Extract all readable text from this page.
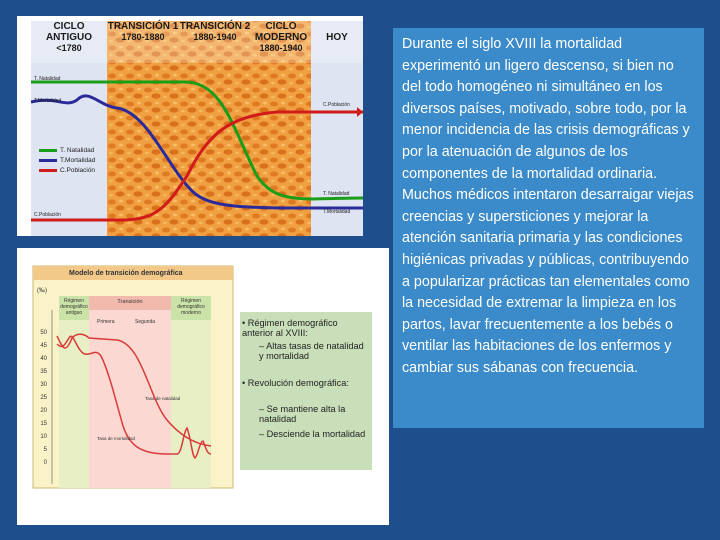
CICLO ANTIGUO
<1780
TRANSICIÓN 1
1780-1880
TRANSICIÓN 2
1880-1940
CICLO MODERNO
1880-1940
HOY
T. Natalidad
T.Mortalidad
C.Población
C.Población
T. Natalidad
T.Mortalidad
T. Natalidad
T.Mortalidad
C.Población
Modelo de transición demográfica
(‰)
50
45
40
35
30
25
20
15
10
5
0
Régimen demográfico antiguo
Transición	Régimen demográfico moderno
Primera	Segunda
Tasa de natalidad
Tasa de mortalidad
• Régimen demográfico anterior al XVIII:
– Altas tasas de natalidad y mortalidad
• Revolución demográfica:
– Se mantiene alta la natalidad
– Desciende la mortalidad
Durante el siglo XVIII la mortalidad experimentó un ligero descenso, si bien no del todo homogéneo ni simultáneo en los diversos países, motivado, sobre todo, por la menor incidencia de las crisis demográficas y por la atenuación de algunos de los componentes de la mortalidad ordinaria. Muchos médicos intentaron desarraigar viejas creencias y supersticiones y mejorar la atención sanitaria primaria y las condiciones higiénicas privadas y públicas, contribuyendo a popularizar prácticas tan elementales como la necesidad de extremar la limpieza en los partos, lavar frecuentemente a los bebés o ventilar las habitaciones de los enfermos y cambiar sus sábanas con frecuencia.
